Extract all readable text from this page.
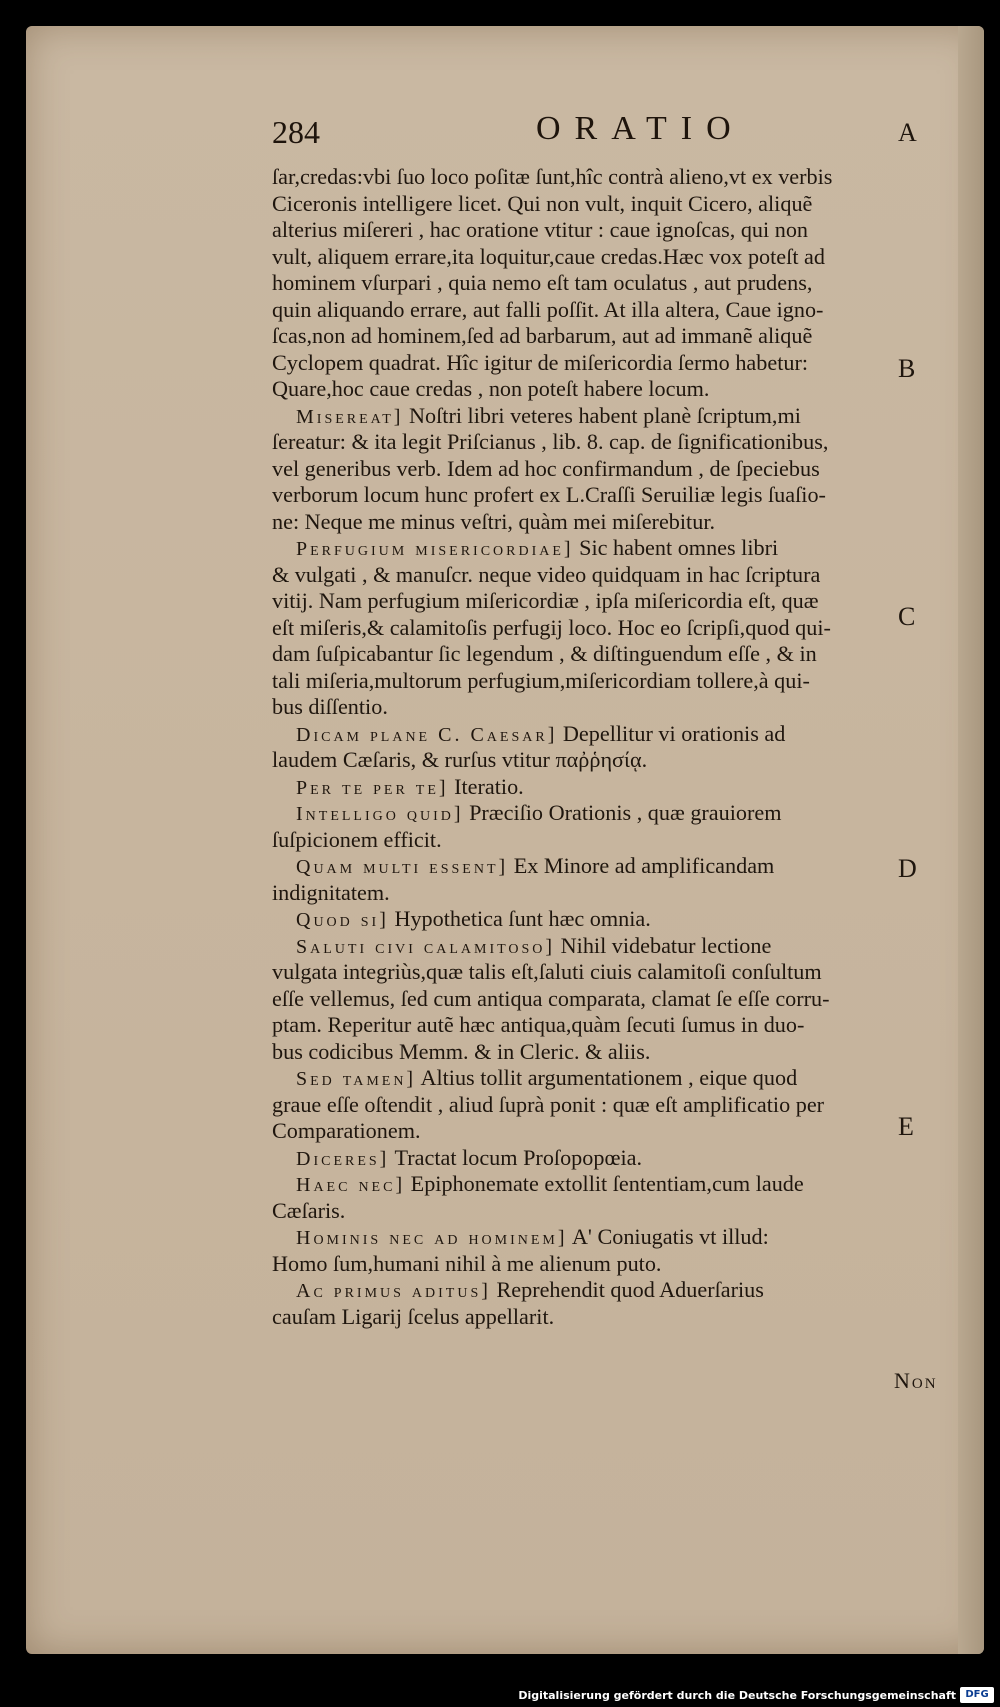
284	ORATIO
ſar,credas:vbi ſuo loco poſitæ ſunt,hîc contrà alieno,vt ex verbis
Ciceronis intelligere licet. Qui non vult, inquit Cicero, aliquẽ
alterius miſereri , hac oratione vtitur : caue ignoſcas, qui non
vult, aliquem errare,ita loquitur,caue credas.Hæc vox poteſt ad
hominem vſurpari , quia nemo eſt tam oculatus , aut prudens,
quin aliquando errare, aut falli poſſit. At illa altera, Caue igno-
ſcas,non ad hominem,ſed ad barbarum, aut ad immanẽ aliquẽ
Cyclopem quadrat. Hîc igitur de miſericordia ſermo habetur:
Quare,hoc caue credas , non poteſt habere locum.
Misereat] Noſtri libri veteres habent planè ſcriptum,mi
ſereatur: & ita legit Priſcianus , lib. 8. cap. de ſignificationibus,
vel generibus verb. Idem ad hoc confirmandum , de ſpeciebus
verborum locum hunc profert ex L.Craſſi Seruiliæ legis ſuaſio-
ne: Neque me minus veſtri, quàm mei miſerebitur.
Perfugium misericordiae] Sic habent omnes libri
& vulgati , & manuſcr. neque video quidquam in hac ſcriptura
vitij. Nam perfugium miſericordiæ , ipſa miſericordia eſt, quæ
eſt miſeris,& calamitoſis perfugij loco. Hoc eo ſcripſi,quod qui-
dam ſuſpicabantur ſic legendum , & diſtinguendum eſſe , & in
tali miſeria,multorum perfugium,miſericordiam tollere,à qui-
bus diſſentio.
Dicam plane C. Caesar] Depellitur vi orationis ad
laudem Cæſaris, & rurſus vtitur παῤῥησίᾳ.
Per te per te] Iteratio.
Intelligo quid] Præciſio Orationis , quæ grauiorem
ſuſpicionem efficit.
Quam multi essent] Ex Minore ad amplificandam
indignitatem.
Quod si] Hypothetica ſunt hæc omnia.
Saluti civi calamitoso] Nihil videbatur lectione
vulgata integriùs,quæ talis eſt,ſaluti ciuis calamitoſi conſultum
eſſe vellemus, ſed cum antiqua comparata, clamat ſe eſſe corru-
ptam. Reperitur autẽ hæc antiqua,quàm ſecuti ſumus in duo-
bus codicibus Memm. & in Cleric. & aliis.
Sed tamen] Altius tollit argumentationem , eique quod
graue eſſe oſtendit , aliud ſuprà ponit : quæ eſt amplificatio per
Comparationem.
Diceres] Tractat locum Proſopopœia.
Haec nec] Epiphonemate extollit ſententiam,cum laude
Cæſaris.
Hominis nec ad hominem] A' Coniugatis vt illud:
Homo ſum,humani nihil à me alienum puto.
Ac primus aditus] Reprehendit quod Aduerſarius
cauſam Ligarij ſcelus appellarit.
A
B
C
D
E
Non
Digitalisierung gefördert durch die Deutsche Forschungsgemeinschaft DFG
